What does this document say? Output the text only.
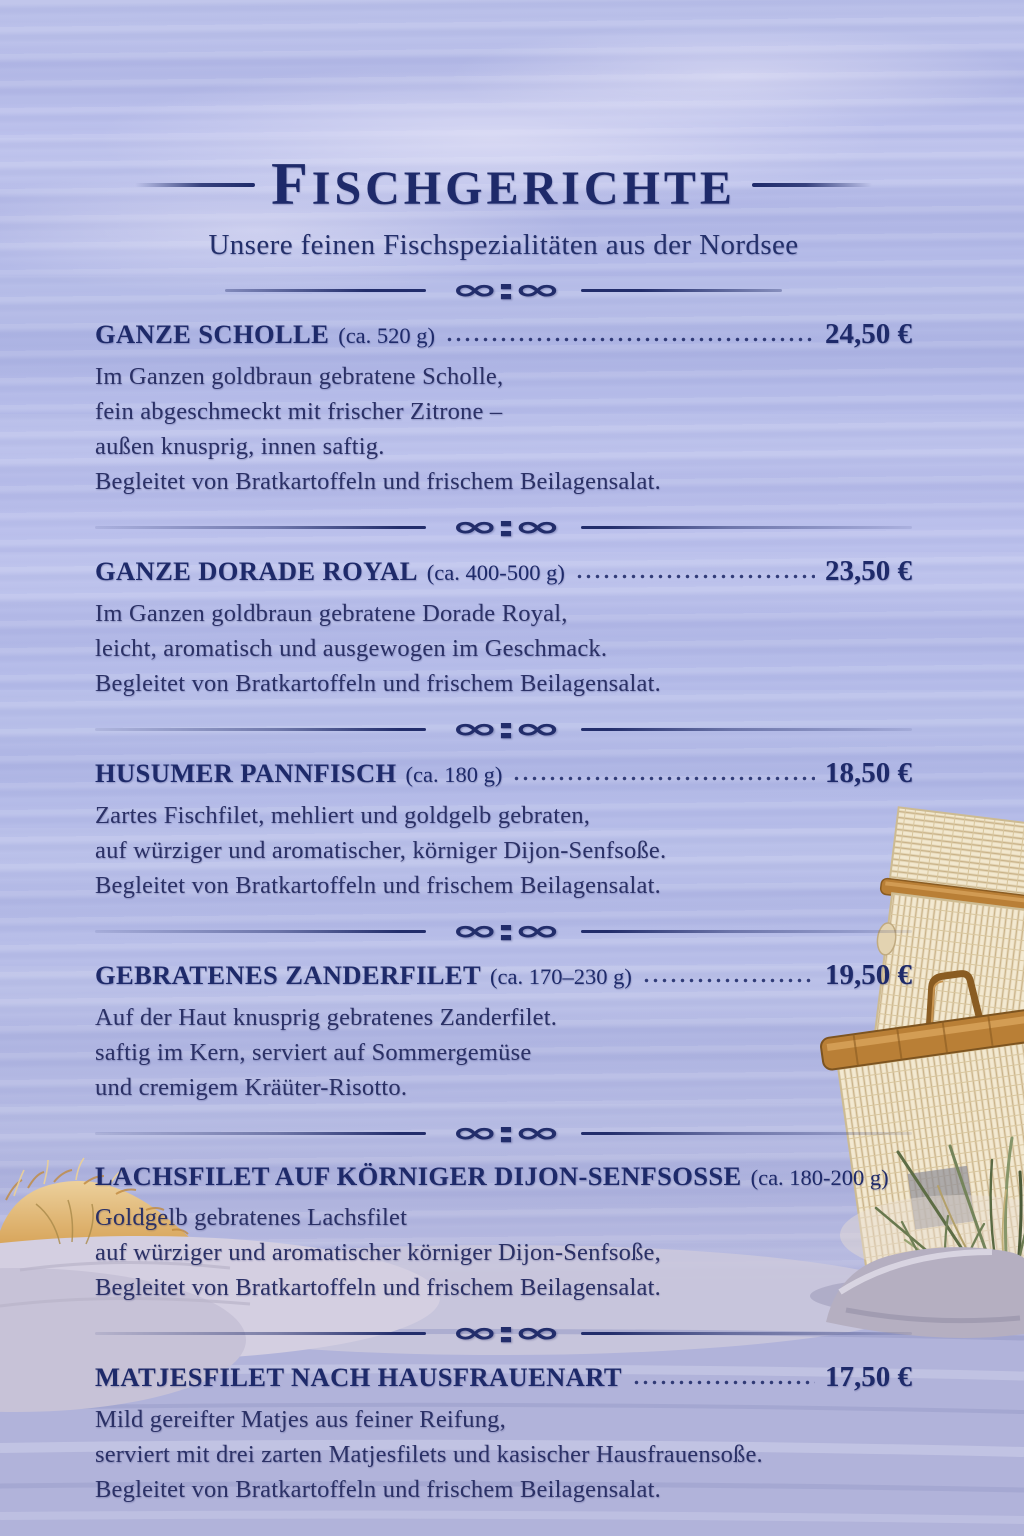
FISCHGERICHTE
Unsere feinen Fischspezialitäten aus der Nordsee
∞:∞
GANZE SCHOLLE (ca. 520 g)	24,50 €
Im Ganzen goldbraun gebratene Scholle,
fein abgeschmeckt mit frischer Zitrone –
außen knusprig, innen saftig.
Begleitet von Bratkartoffeln und frischem Beilagensalat.
∞:∞
GANZE DORADE ROYAL (ca. 400-500 g)	23,50 €
Im Ganzen goldbraun gebratene Dorade Royal,
leicht, aromatisch und ausgewogen im Geschmack.
Begleitet von Bratkartoffeln und frischem Beilagensalat.
∞:∞
HUSUMER PANNFISCH (ca. 180 g)	18,50 €
Zartes Fischfilet, mehliert und goldgelb gebraten,
auf würziger und aromatischer, körniger Dijon-Senfsoße.
Begleitet von Bratkartoffeln und frischem Beilagensalat.
∞:∞
GEBRATENES ZANDERFILET (ca. 170–230 g)	19,50 €
Auf der Haut knusprig gebratenes Zanderfilet.
saftig im Kern, serviert auf Sommergemüse
und cremigem Kräüter-Risotto.
∞:∞
LACHSFILET AUF KÖRNIGER DIJON-SENFSOSSE (ca. 180-200 g)
Goldgelb gebratenes Lachsfilet
auf würziger und aromatischer körniger Dijon-Senfsoße,
Begleitet von Bratkartoffeln und frischem Beilagensalat.
∞:∞
MATJESFILET NACH HAUSFRAUENART	17,50 €
Mild gereifter Matjes aus feiner Reifung,
serviert mit drei zarten Matjesfilets und kasischer Hausfrauensoße.
Begleitet von Bratkartoffeln und frischem Beilagensalat.
